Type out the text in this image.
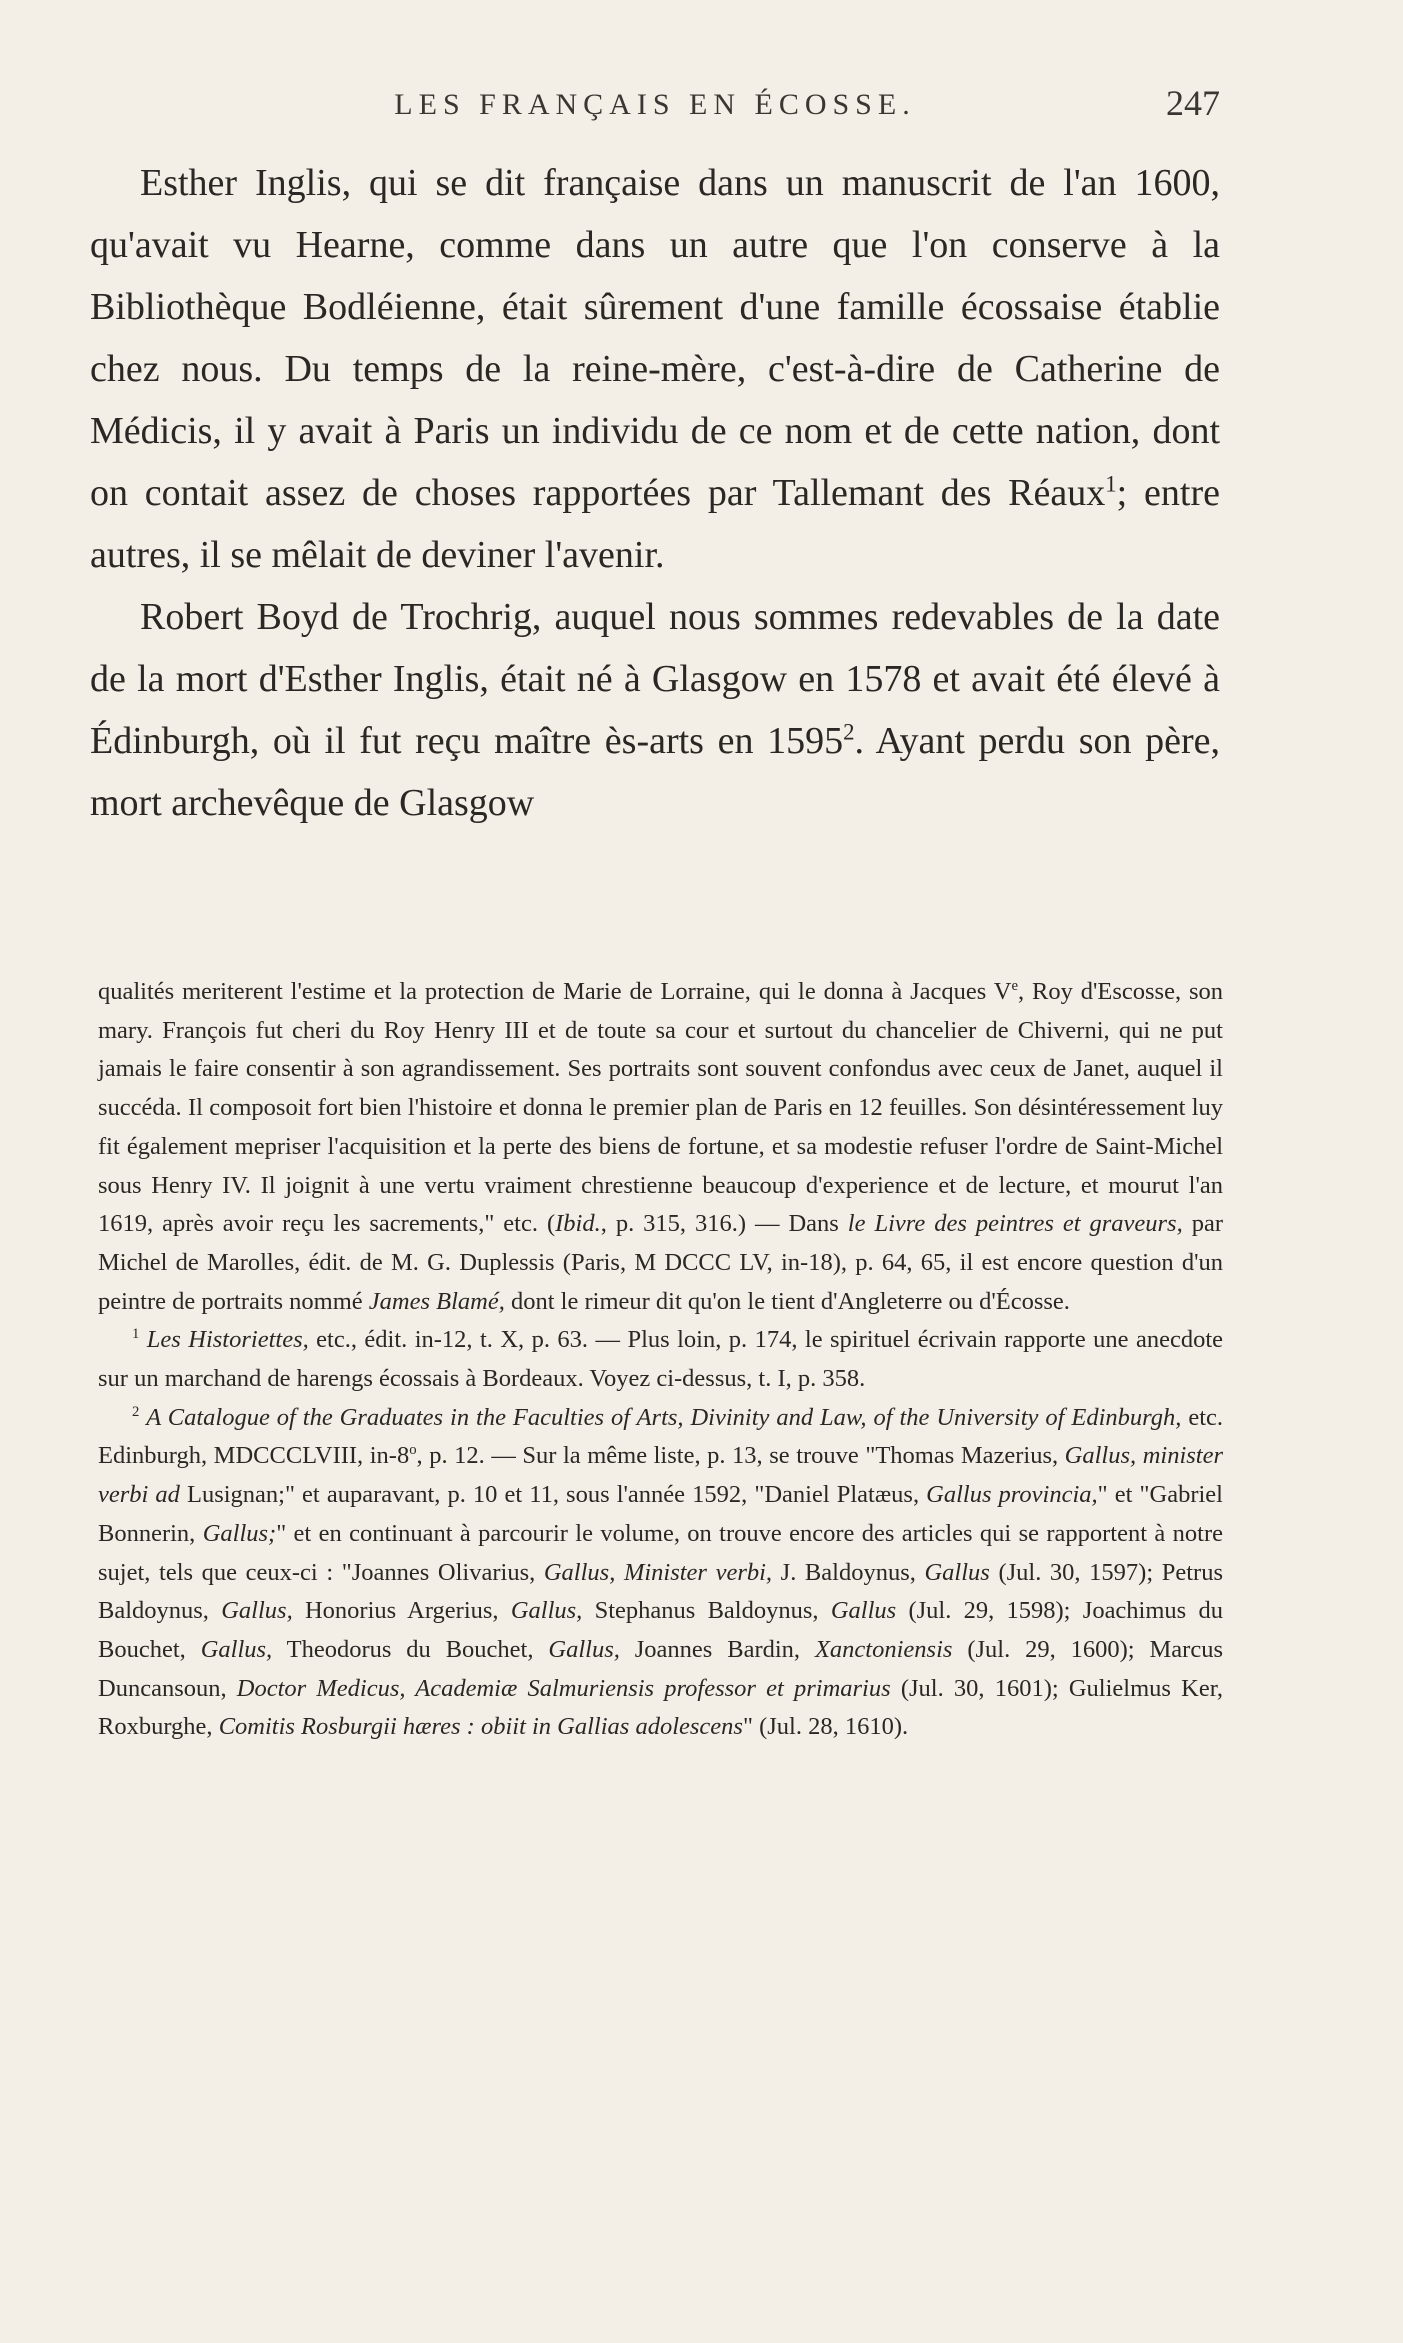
LES FRANÇAIS EN ÉCOSSE.	247

Esther Inglis, qui se dit française dans un manuscrit de l'an 1600, qu'avait vu Hearne, comme dans un autre que l'on conserve à la Bibliothèque Bodléienne, était sûrement d'une famille écossaise établie chez nous. Du temps de la reine-mère, c'est-à-dire de Catherine de Médicis, il y avait à Paris un individu de ce nom et de cette nation, dont on contait assez de choses rapportées par Tallemant des Réaux$^1$; entre autres, il se mêlait de deviner l'avenir.

Robert Boyd de Trochrig, auquel nous sommes redevables de la date de la mort d'Esther Inglis, était né à Glasgow en 1578 et avait été élevé à Édinburgh, où il fut reçu maître ès-arts en 1595$^2$. Ayant perdu son père, mort archevêque de Glasgow

qualités meriterent l'estime et la protection de Marie de Lorraine, qui le donna à Jacques Ve, Roy d'Escosse, son mary. François fut cheri du Roy Henry III et de toute sa cour et surtout du chancelier de Chiverni, qui ne put jamais le faire consentir à son agrandissement. Ses portraits sont souvent confondus avec ceux de Janet, auquel il succéda. Il composoit fort bien l'histoire et donna le premier plan de Paris en 12 feuilles. Son désintéressement luy fit également mepriser l'acquisition et la perte des biens de fortune, et sa modestie refuser l'ordre de Saint-Michel sous Henry IV. Il joignit à une vertu vraiment chrestienne beaucoup d'experience et de lecture, et mourut l'an 1619, après avoir reçu les sacrements," etc. (Ibid., p. 315, 316.) — Dans le Livre des peintres et graveurs, par Michel de Marolles, édit. de M. G. Duplessis (Paris, M DCCC LV, in-18), p. 64, 65, il est encore question d'un peintre de portraits nommé James Blamé, dont le rimeur dit qu'on le tient d'Angleterre ou d'Écosse.

$^1$ Les Historiettes, etc., édit. in-12, t. X, p. 63. — Plus loin, p. 174, le spirituel écrivain rapporte une anecdote sur un marchand de harengs écossais à Bordeaux. Voyez ci-dessus, t. I, p. 358.

$^2$ A Catalogue of the Graduates in the Faculties of Arts, Divinity and Law, of the University of Edinburgh, etc. Edinburgh, MDCCCLVIII, in-8$^o$, p. 12. — Sur la même liste, p. 13, se trouve "Thomas Mazerius, Gallus, minister verbi ad Lusignan;" et auparavant, p. 10 et 11, sous l'année 1592, "Daniel Platæus, Gallus provincia," et "Gabriel Bonnerin, Gallus;" et en continuant à parcourir le volume, on trouve encore des articles qui se rapportent à notre sujet, tels que ceux-ci : "Joannes Olivarius, Gallus, Minister verbi, J. Baldoynus, Gallus (Jul. 30, 1597); Petrus Baldoynus, Gallus, Honorius Argerius, Gallus, Stephanus Baldoynus, Gallus (Jul. 29, 1598); Joachimus du Bouchet, Gallus, Theodorus du Bouchet, Gallus, Joannes Bardin, Xanctoniensis (Jul. 29, 1600); Marcus Duncansoun, Doctor Medicus, Academiæ Salmuriensis professor et primarius (Jul. 30, 1601); Gulielmus Ker, Roxburghe, Comitis Rosburgii hæres : obiit in Gallias adolescens" (Jul. 28, 1610).
